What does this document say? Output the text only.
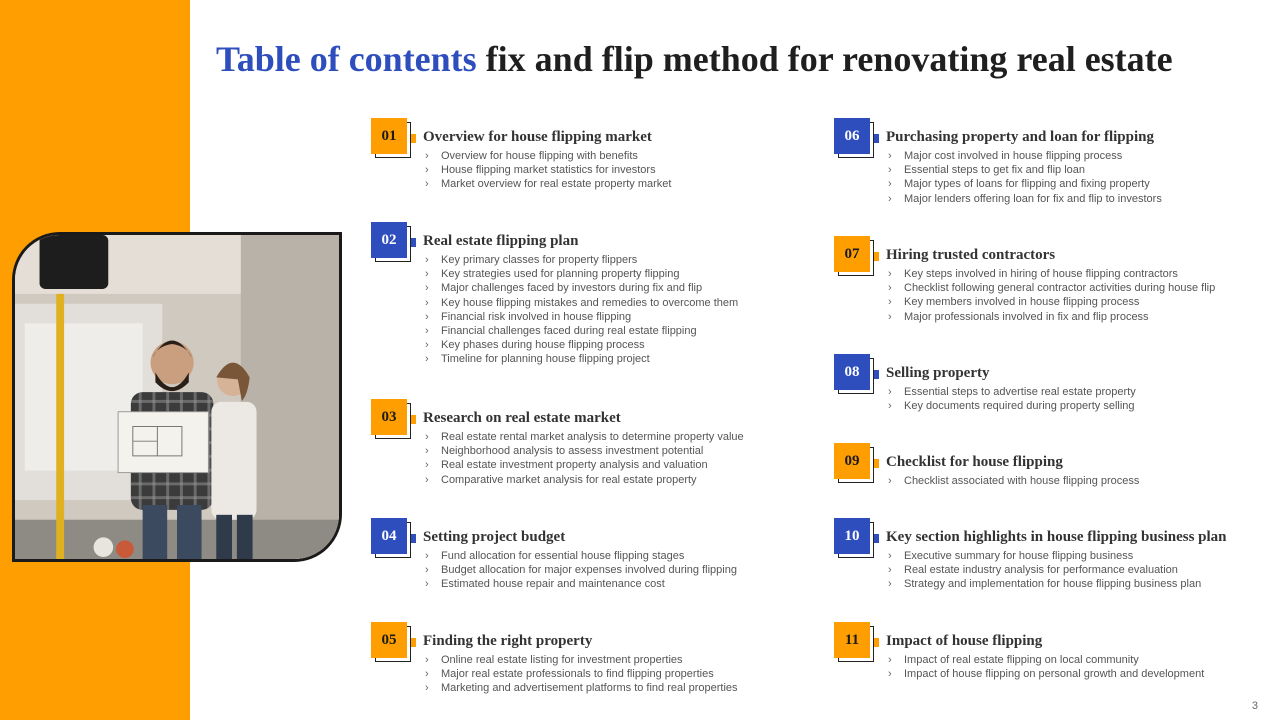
Table of contents fix and flip method for renovating real estate
01	Overview for house flipping market
› Overview for house flipping with benefits
› House flipping market statistics for investors
› Market overview for real estate property market
02	Real estate flipping plan
› Key primary classes for property flippers
› Key strategies used for planning property flipping
› Major challenges faced by investors during fix and flip
› Key house flipping mistakes and remedies to overcome them
› Financial risk involved in house flipping
› Financial challenges faced during real estate flipping
› Key phases during house flipping process
› Timeline for planning house flipping project
03	Research on real estate market
› Real estate rental market analysis to determine property value
› Neighborhood analysis to assess investment potential
› Real estate investment property analysis and valuation
› Comparative market analysis for real estate property
04	Setting project budget
› Fund allocation for essential house flipping stages
› Budget allocation for major expenses involved during flipping
› Estimated house repair and maintenance cost
05	Finding the right property
› Online real estate listing for investment properties
› Major real estate professionals to find flipping properties
› Marketing and advertisement platforms to find real properties
06	Purchasing property and loan for flipping
› Major cost involved in house flipping process
› Essential steps to get fix and flip loan
› Major types of loans for flipping and fixing property
› Major lenders offering loan for fix and flip to investors
07	Hiring trusted contractors
› Key steps involved in hiring of house flipping contractors
› Checklist following general contractor activities during house flip
› Key members involved in house flipping process
› Major professionals involved in fix and flip process
08	Selling property
› Essential steps to advertise real estate property
› Key documents required during property selling
09	Checklist for house flipping
› Checklist associated with house flipping process
10	Key section highlights in house flipping business plan
› Executive summary for house flipping business
› Real estate industry analysis for performance evaluation
› Strategy and implementation for house flipping business plan
11	Impact of house flipping
› Impact of real estate flipping on local community
› Impact of house flipping on personal growth and development
3
